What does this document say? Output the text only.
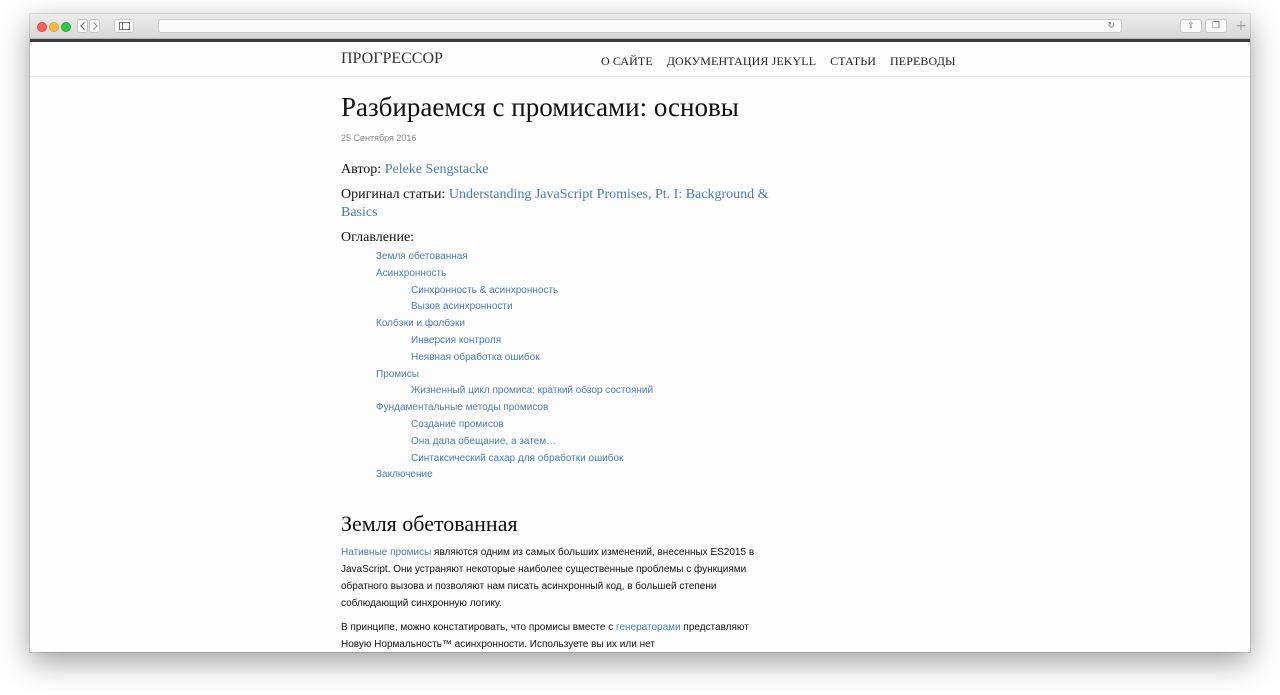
↻	⇪ ❐ +
ПРОГРЕССОР	О САЙТЕ ДОКУМЕНТАЦИЯ JEKYLL СТАТЬИ ПЕРЕВОДЫ
Разбираемся с промисами: основы
25 Сентября 2016
Автор: Peleke Sengstacke
Оригинал статьи: Understanding JavaScript Promises, Pt. I: Background & Basics
Оглавление:
Земля обетованная
Асинхронность
Синхронность & асинхронность
Вызов асинхронности
Колбэки и фолбэки
Инверсия контроля
Неявная обработка ошибок
Промисы
Жизненный цикл промиса: краткий обзор состояний
Фундаментальные методы промисов
Создание промисов
Она дала обещание, а затем…
Синтаксический сахар для обработки ошибок
Заключение
Земля обетованная
Нативные промисы являются одним из самых больших изменений, внесенных ES2015 в JavaScript. Они устраняют некоторые наиболее существенные проблемы с функциями обратного вызова и позволяют нам писать асинхронный код, в большей степени соблюдающий синхронную логику.
В принципе, можно констатировать, что промисы вместе с генераторами представляют Новую Нормальность™ асинхронности. Используете вы их или нет
